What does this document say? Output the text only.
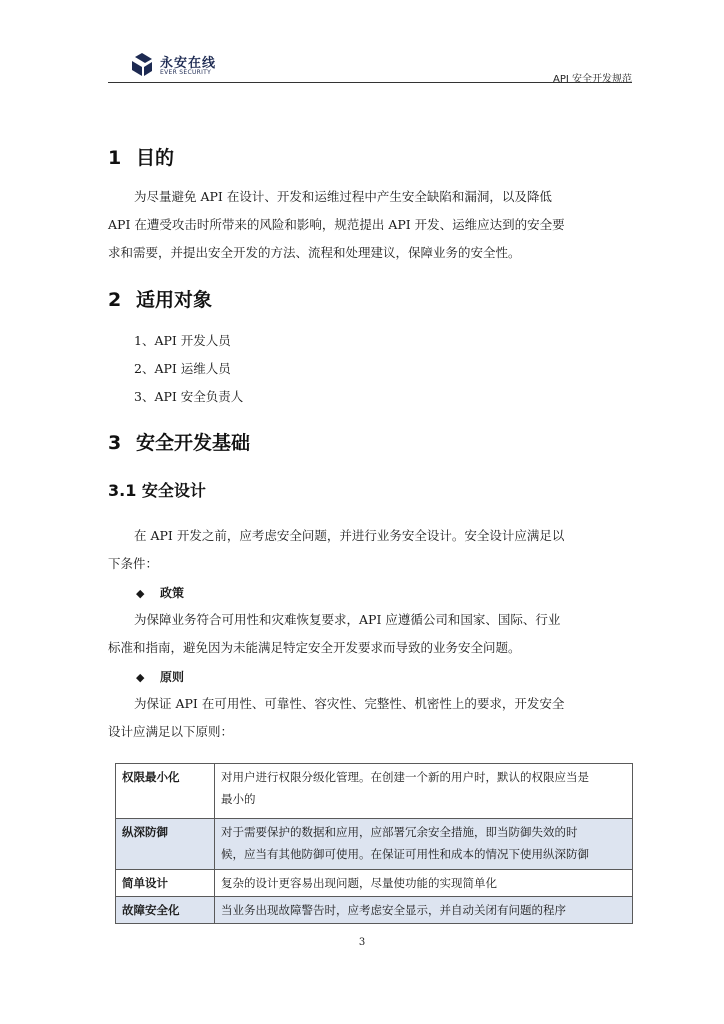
永安在线
EVER SECURITY
API 安全开发规范
1 目的
为尽量避免 API 在设计、开发和运维过程中产生安全缺陷和漏洞，以及降低
API 在遭受攻击时所带来的风险和影响，规范提出 API 开发、运维应达到的安全要
求和需要，并提出安全开发的方法、流程和处理建议，保障业务的安全性。
2 适用对象
1、API 开发人员
2、API 运维人员
3、API 安全负责人
3 安全开发基础
3.1 安全设计
在 API 开发之前，应考虑安全问题，并进行业务安全设计。安全设计应满足以
下条件：
◆ 政策
为保障业务符合可用性和灾难恢复要求，API 应遵循公司和国家、国际、行业
标准和指南，避免因为未能满足特定安全开发要求而导致的业务安全问题。
◆ 原则
为保证 API 在可用性、可靠性、容灾性、完整性、机密性上的要求，开发安全
设计应满足以下原则：
权限最小化	对用户进行权限分级化管理。在创建一个新的用户时，默认的权限应当是
最小的

纵深防御	对于需要保护的数据和应用，应部署冗余安全措施，即当防御失效的时
候，应当有其他防御可使用。在保证可用性和成本的情况下使用纵深防御

简单设计	复杂的设计更容易出现问题，尽量使功能的实现简单化
故障安全化	当业务出现故障警告时，应考虑安全显示，并自动关闭有问题的程序
3
